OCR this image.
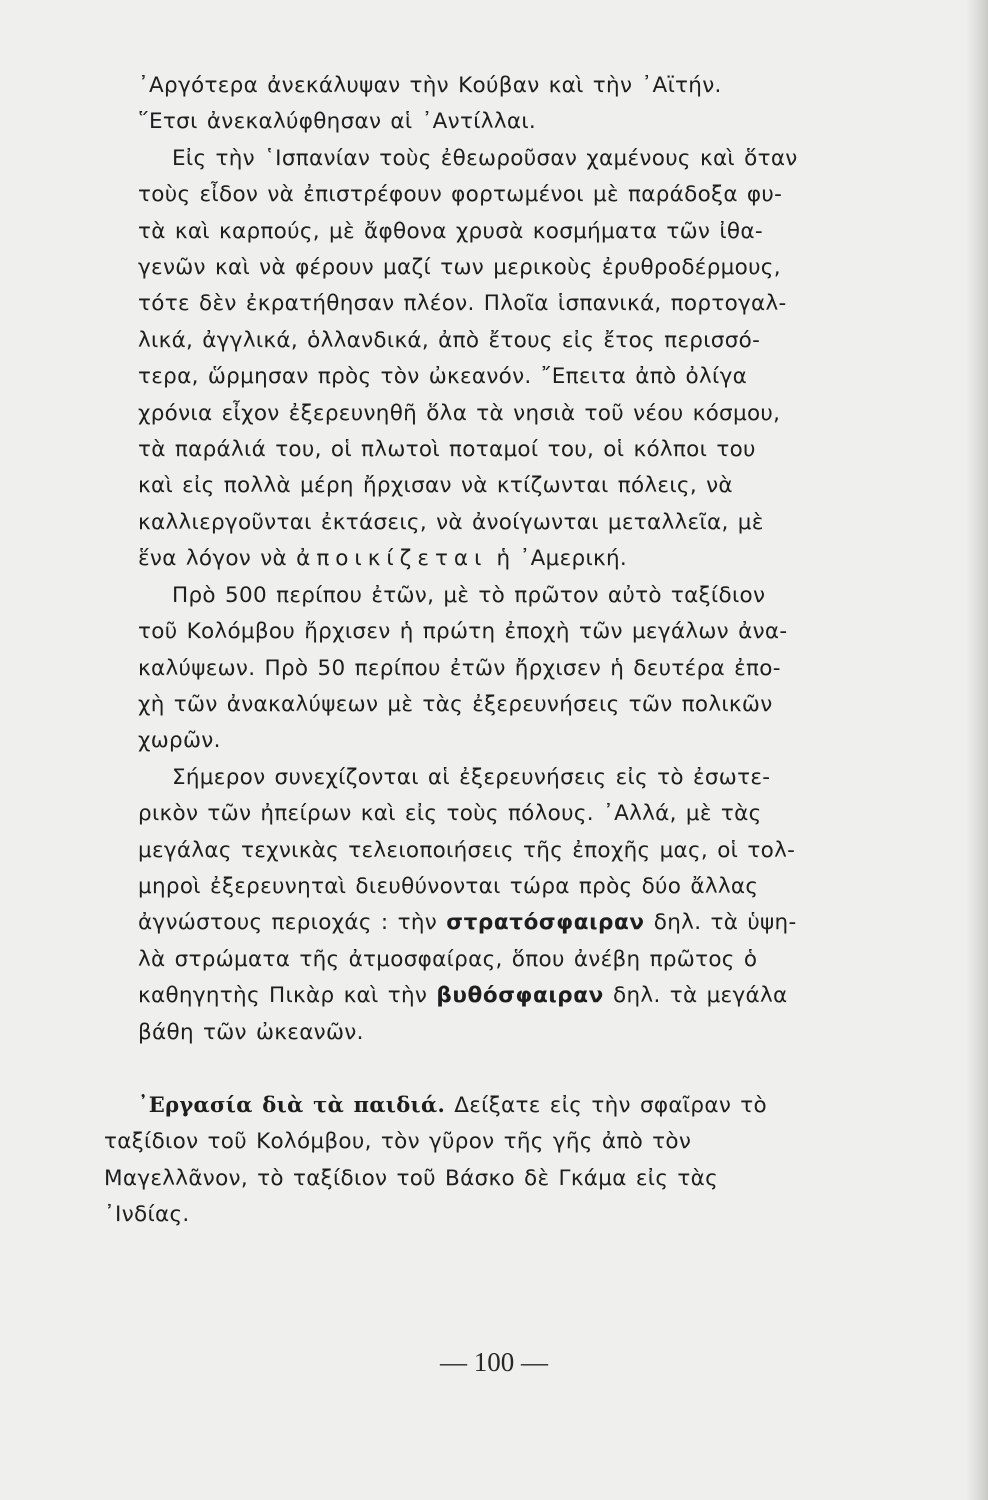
᾿Αργότερα ἀνεκάλυψαν τὴν Κούβαν καὶ τὴν ᾿Αϊτήν.
῞Ετσι ἀνεκαλύφθησαν αἱ ᾿Αντίλλαι.
Εἰς τὴν ῾Ισπανίαν τοὺς ἐθεωροῦσαν χαμένους καὶ ὅταν
τοὺς εἶδον νὰ ἐπιστρέφουν φορτωμένοι μὲ παράδοξα φυ-
τὰ καὶ καρπούς, μὲ ἄφθονα χρυσὰ κοσμήματα τῶν ἰθα-
γενῶν καὶ νὰ φέρουν μαζί των μερικοὺς ἐρυθροδέρμους,
τότε δὲν ἐκρατήθησαν πλέον. Πλοῖα ἱσπανικά, πορτογαλ-
λικά, ἀγγλικά, ὁλλανδικά, ἀπὸ ἔτους εἰς ἔτος περισσό-
τερα, ὥρμησαν πρὸς τὸν ὠκεανόν. ῎Επειτα ἀπὸ ὀλίγα
χρόνια εἶχον ἐξερευνηθῆ ὅλα τὰ νησιὰ τοῦ νέου κόσμου,
τὰ παράλιά του, οἱ πλωτοὶ ποταμοί του, οἱ κόλποι του
καὶ εἰς πολλὰ μέρη ἤρχισαν νὰ κτίζωνται πόλεις, νὰ
καλλιεργοῦνται ἐκτάσεις, νὰ ἀνοίγωνται μεταλλεῖα, μὲ
ἕνα λόγον νὰ ἀποικίζεται ἡ ᾿Αμερική.
Πρὸ 500 περίπου ἐτῶν, μὲ τὸ πρῶτον αὐτὸ ταξίδιον
τοῦ Κολόμβου ἤρχισεν ἡ πρώτη ἐποχὴ τῶν μεγάλων ἀνα-
καλύψεων. Πρὸ 50 περίπου ἐτῶν ἤρχισεν ἡ δευτέρα ἐπο-
χὴ τῶν ἀνακαλύψεων μὲ τὰς ἐξερευνήσεις τῶν πολικῶν
χωρῶν.
Σήμερον συνεχίζονται αἱ ἐξερευνήσεις εἰς τὸ ἐσωτε-
ρικὸν τῶν ἠπείρων καὶ εἰς τοὺς πόλους. ᾿Αλλά, μὲ τὰς
μεγάλας τεχνικὰς τελειοποιήσεις τῆς ἐποχῆς μας, οἱ τολ-
μηροὶ ἐξερευνηταὶ διευθύνονται τώρα πρὸς δύο ἄλλας
ἀγνώστους περιοχάς : τὴν στρατόσφαιραν δηλ. τὰ ὑψη-
λὰ στρώματα τῆς ἀτμοσφαίρας, ὅπου ἀνέβη πρῶτος ὁ
καθηγητὴς Πικὰρ καὶ τὴν βυθόσφαιραν δηλ. τὰ μεγάλα
βάθη τῶν ὠκεανῶν.
᾿Εργασία διὰ τὰ παιδιά. Δείξατε εἰς τὴν σφαῖραν τὸ
ταξίδιον τοῦ Κολόμβου, τὸν γῦρον τῆς γῆς ἀπὸ τὸν
Μαγελλᾶνον, τὸ ταξίδιον τοῦ Βάσκο δὲ Γκάμα εἰς τὰς
᾿Ινδίας.
— 100 —
